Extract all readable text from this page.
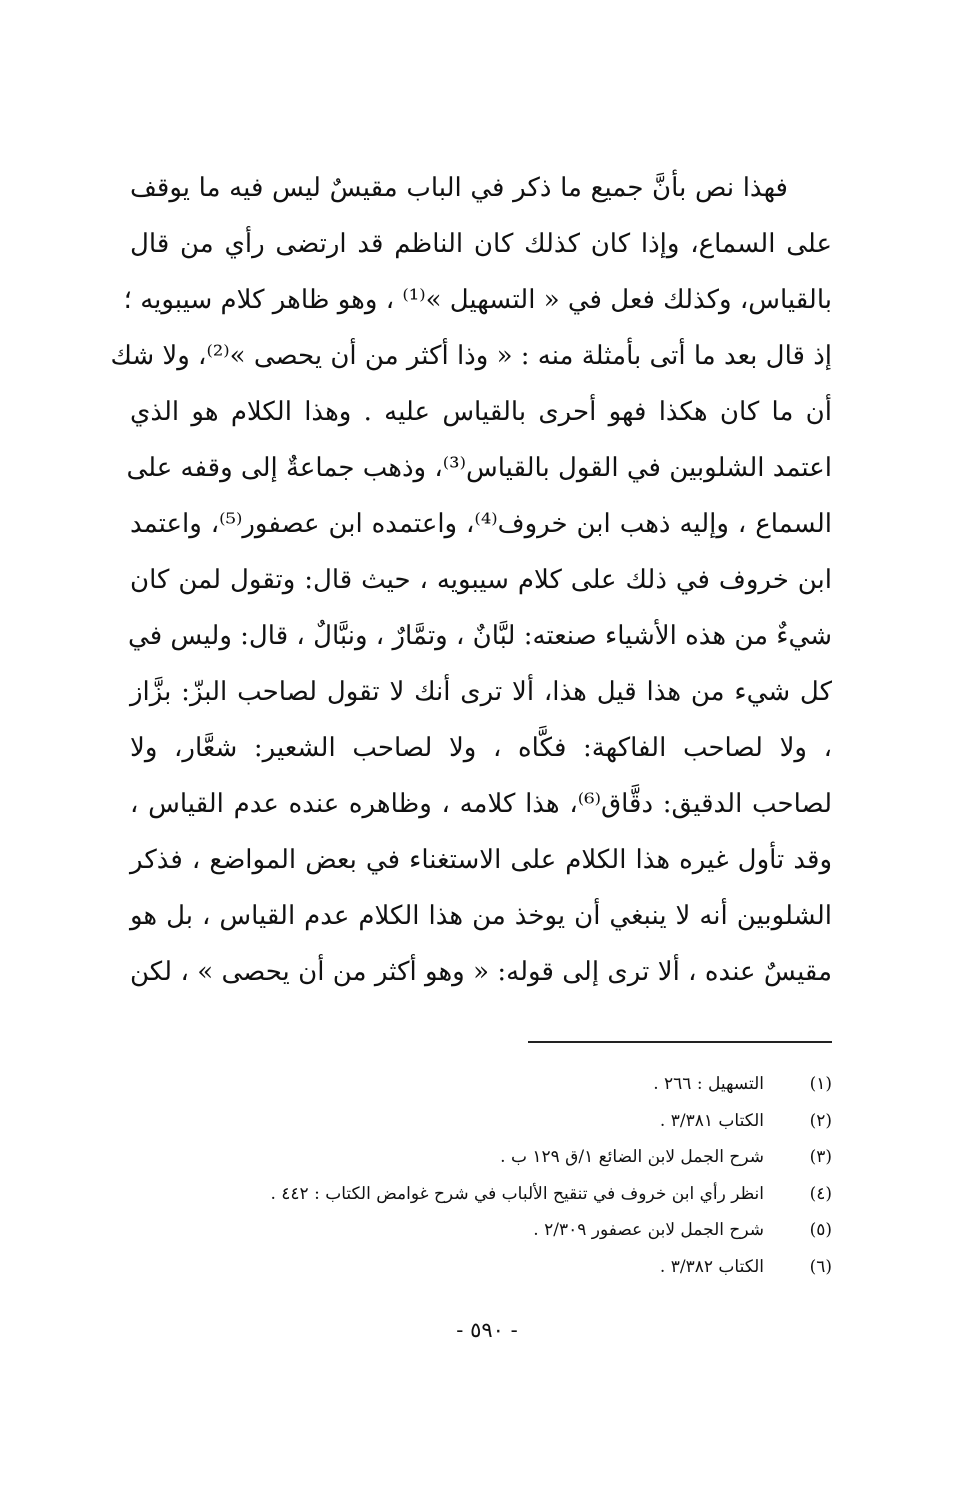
فهذا نص بأنَّ جميع ما ذكر في الباب مقيسٌ ليس فيه ما يوقف
على السماع، وإذا كان كذلك كان الناظم قد ارتضى رأي من قال
بالقياس، وكذلك فعل في « التسهيل »⁽¹⁾ ، وهو ظاهر كلام سيبويه ؛
إذ قال بعد ما أتى بأمثلة منه : « وذا أكثر من أن يحصى »⁽²⁾، ولا شك
أن ما كان هكذا فهو أحرى بالقياس عليه . وهذا الكلام هو الذي
اعتمد الشلوبين في القول بالقياس⁽³⁾، وذهب جماعةٌ إلى وقفه على
السماع ، وإليه ذهب ابن خروف⁽⁴⁾، واعتمده ابن عصفور⁽⁵⁾، واعتمد
ابن خروف في ذلك على كلام سيبويه ، حيث قال: وتقول لمن كان
شيءٌ من هذه الأشياء صنعته: لبَّانٌ ، وتمَّارٌ ، ونبَّالٌ ، قال: وليس في
كل شيء من هذا قيل هذا، ألا ترى أنك لا تقول لصاحب البزّ: بزَّاز
، ولا لصاحب الفاكهة: فكَّاه ، ولا لصاحب الشعير: شعَّار، ولا
لصاحب الدقيق: دقَّاق⁽⁶⁾، هذا كلامه ، وظاهره عنده عدم القياس ،
وقد تأول غيره هذا الكلام على الاستغناء في بعض المواضع ، فذكر
الشلوبين أنه لا ينبغي أن يوخذ من هذا الكلام عدم القياس ، بل هو
مقيسٌ عنده ، ألا ترى إلى قوله: « وهو أكثر من أن يحصى » ، لكن
(١)التسهيل : ٢٦٦ .
(٢)الكتاب ٣/٣٨١ .
(٣)شرح الجمل لابن الضائع ١/ق ١٢٩ ب .
(٤)انظر رأي ابن خروف في تنقيح الألباب في شرح غوامض الكتاب : ٤٤٢ .
(٥)شرح الجمل لابن عصفور ٢/٣٠٩ .
(٦)الكتاب ٣/٣٨٢ .
- ٥٩٠ -
